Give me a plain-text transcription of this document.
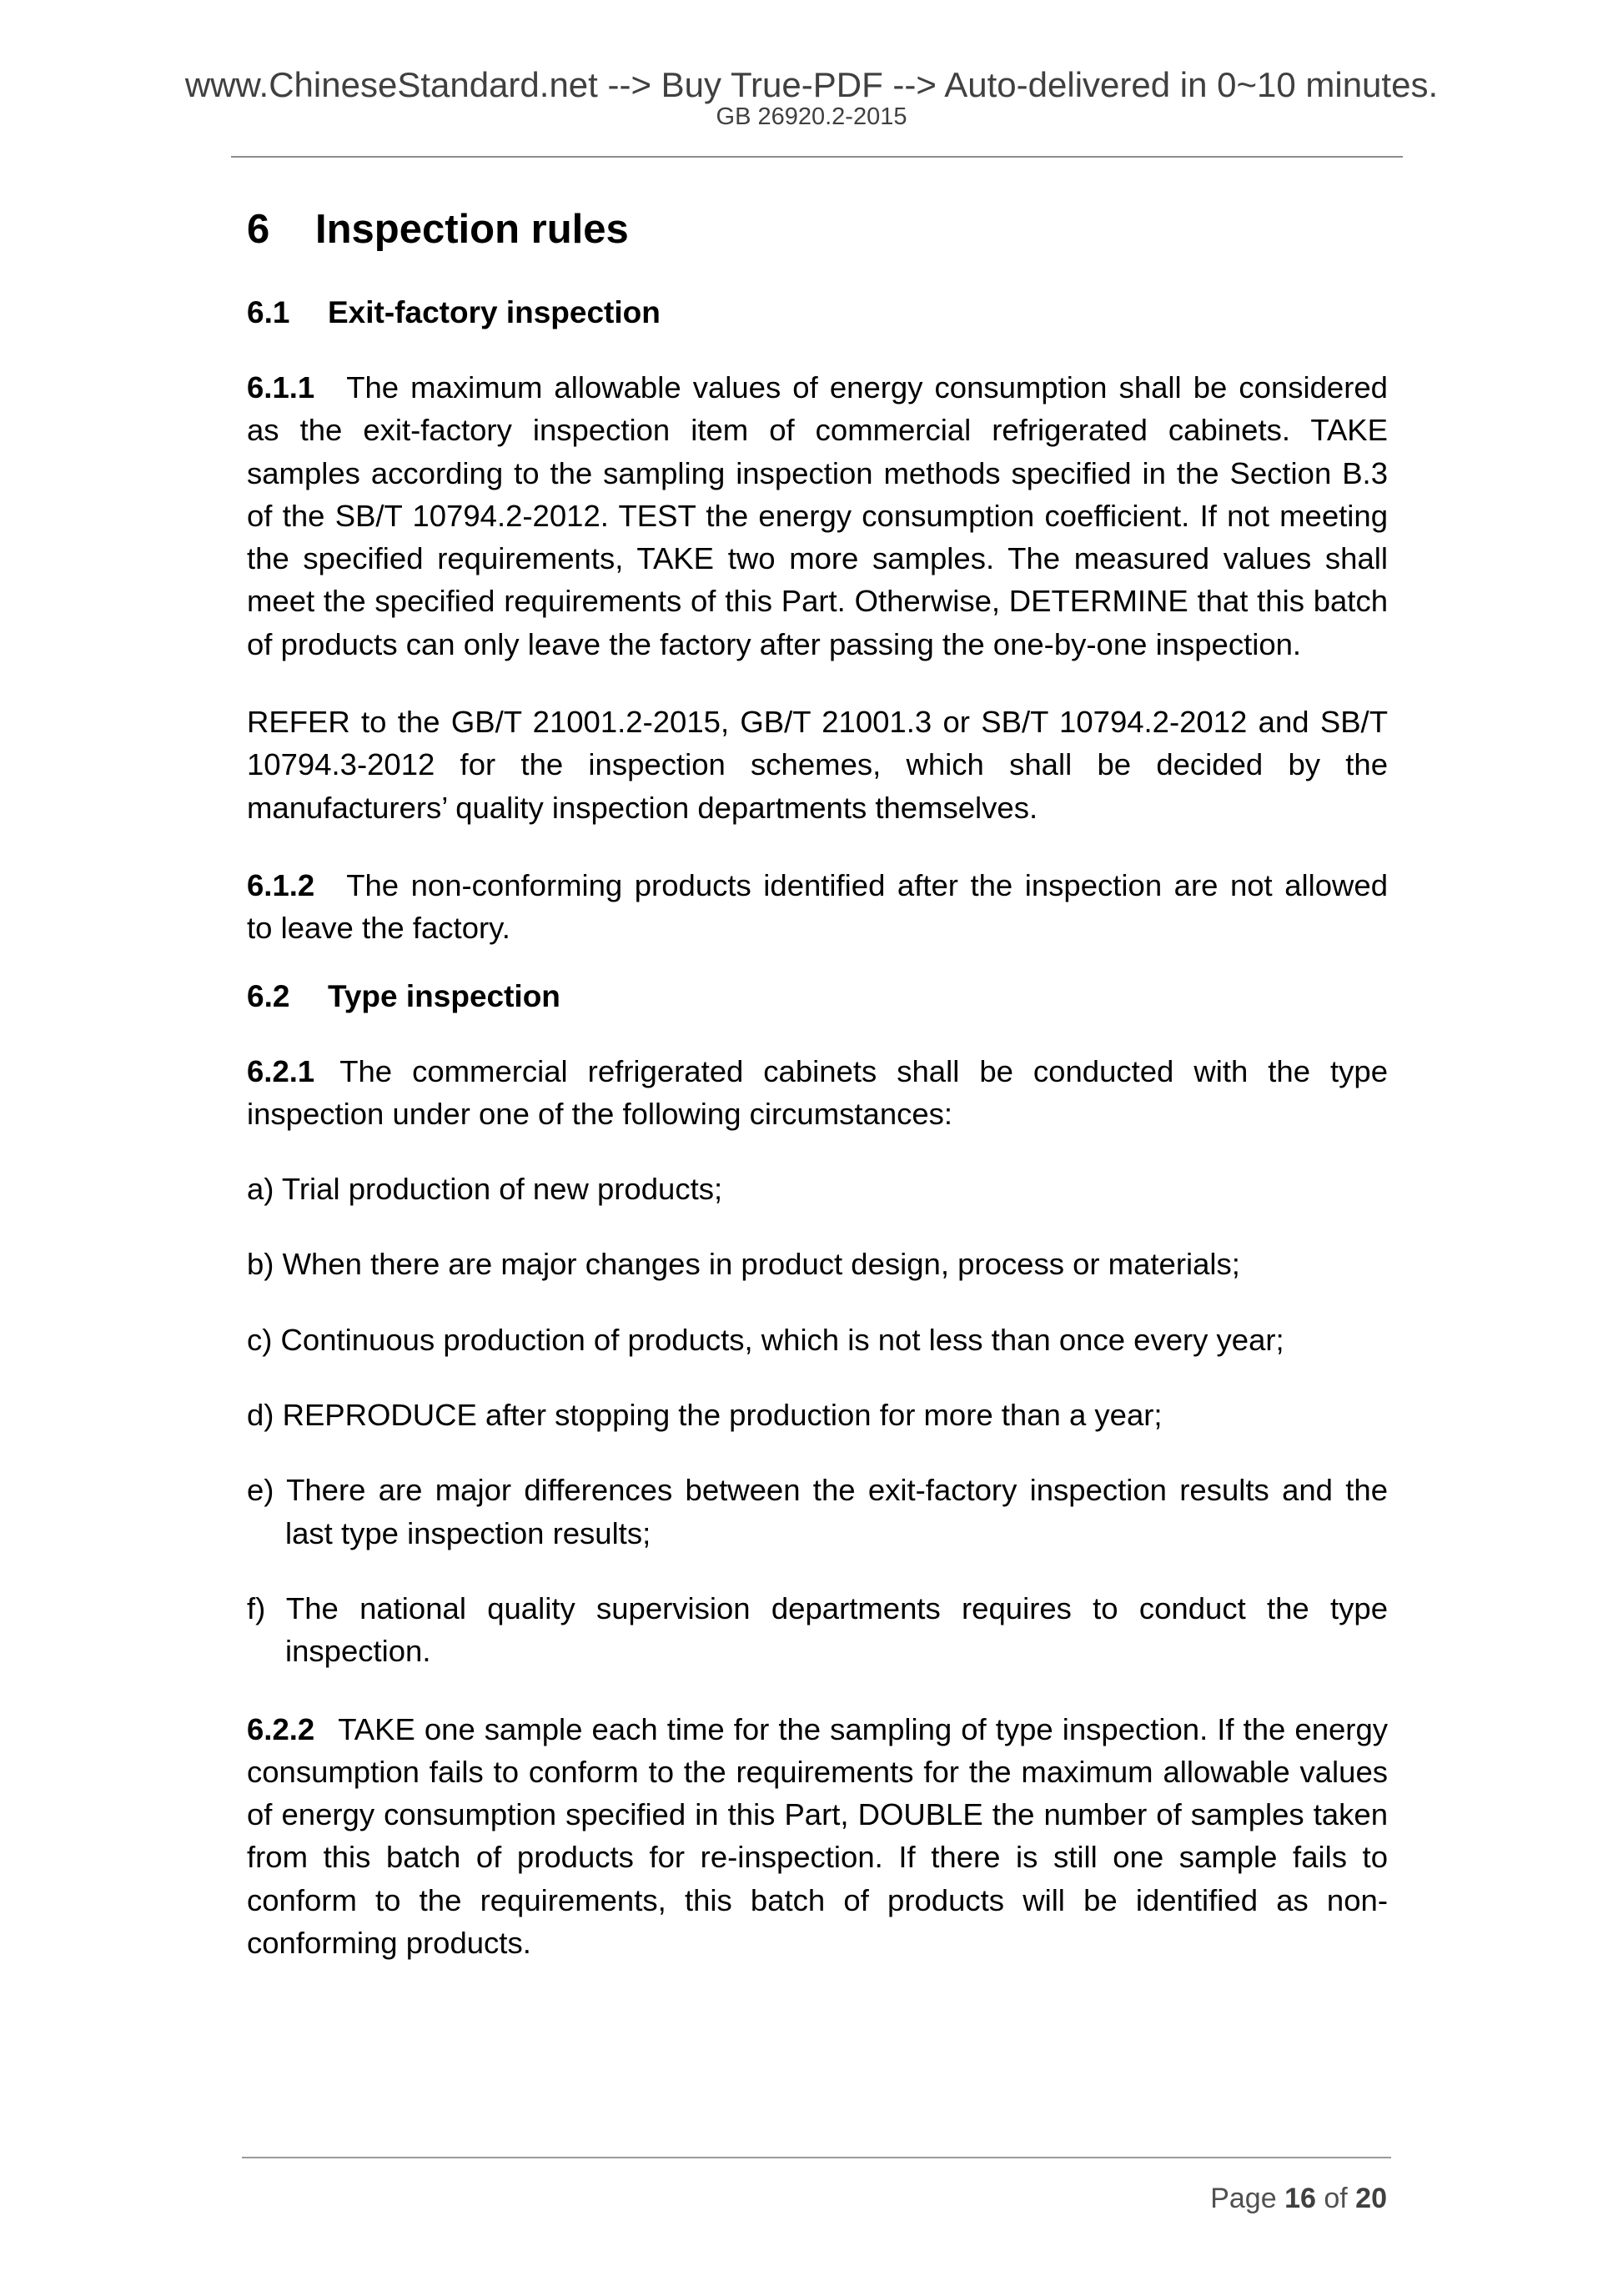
www.ChineseStandard.net --> Buy True-PDF --> Auto-delivered in 0~10 minutes.
GB 26920.2-2015
6 Inspection rules
6.1 Exit-factory inspection

6.1.1 The maximum allowable values of energy consumption shall be considered as the exit-factory inspection item of commercial refrigerated cabinets. TAKE samples according to the sampling inspection methods specified in the Section B.3 of the SB/T 10794.2-2012. TEST the energy consumption coefficient. If not meeting the specified requirements, TAKE two more samples. The measured values shall meet the specified requirements of this Part. Otherwise, DETERMINE that this batch of products can only leave the factory after passing the one-by-one inspection.

REFER to the GB/T 21001.2-2015, GB/T 21001.3 or SB/T 10794.2-2012 and SB/T 10794.3-2012 for the inspection schemes, which shall be decided by the manufacturers’ quality inspection departments themselves.

6.1.2 The non-conforming products identified after the inspection are not allowed to leave the factory.

6.2 Type inspection

6.2.1 The commercial refrigerated cabinets shall be conducted with the type inspection under one of the following circumstances:

a) Trial production of new products;
b) When there are major changes in product design, process or materials;
c) Continuous production of products, which is not less than once every year;
d) REPRODUCE after stopping the production for more than a year;
e) There are major differences between the exit-factory inspection results and the last type inspection results;
f) The national quality supervision departments requires to conduct the type inspection.

6.2.2 TAKE one sample each time for the sampling of type inspection. If the energy consumption fails to conform to the requirements for the maximum allowable values of energy consumption specified in this Part, DOUBLE the number of samples taken from this batch of products for re-inspection. If there is still one sample fails to conform to the requirements, this batch of products will be identified as non-conforming products.

Page 16 of 20
